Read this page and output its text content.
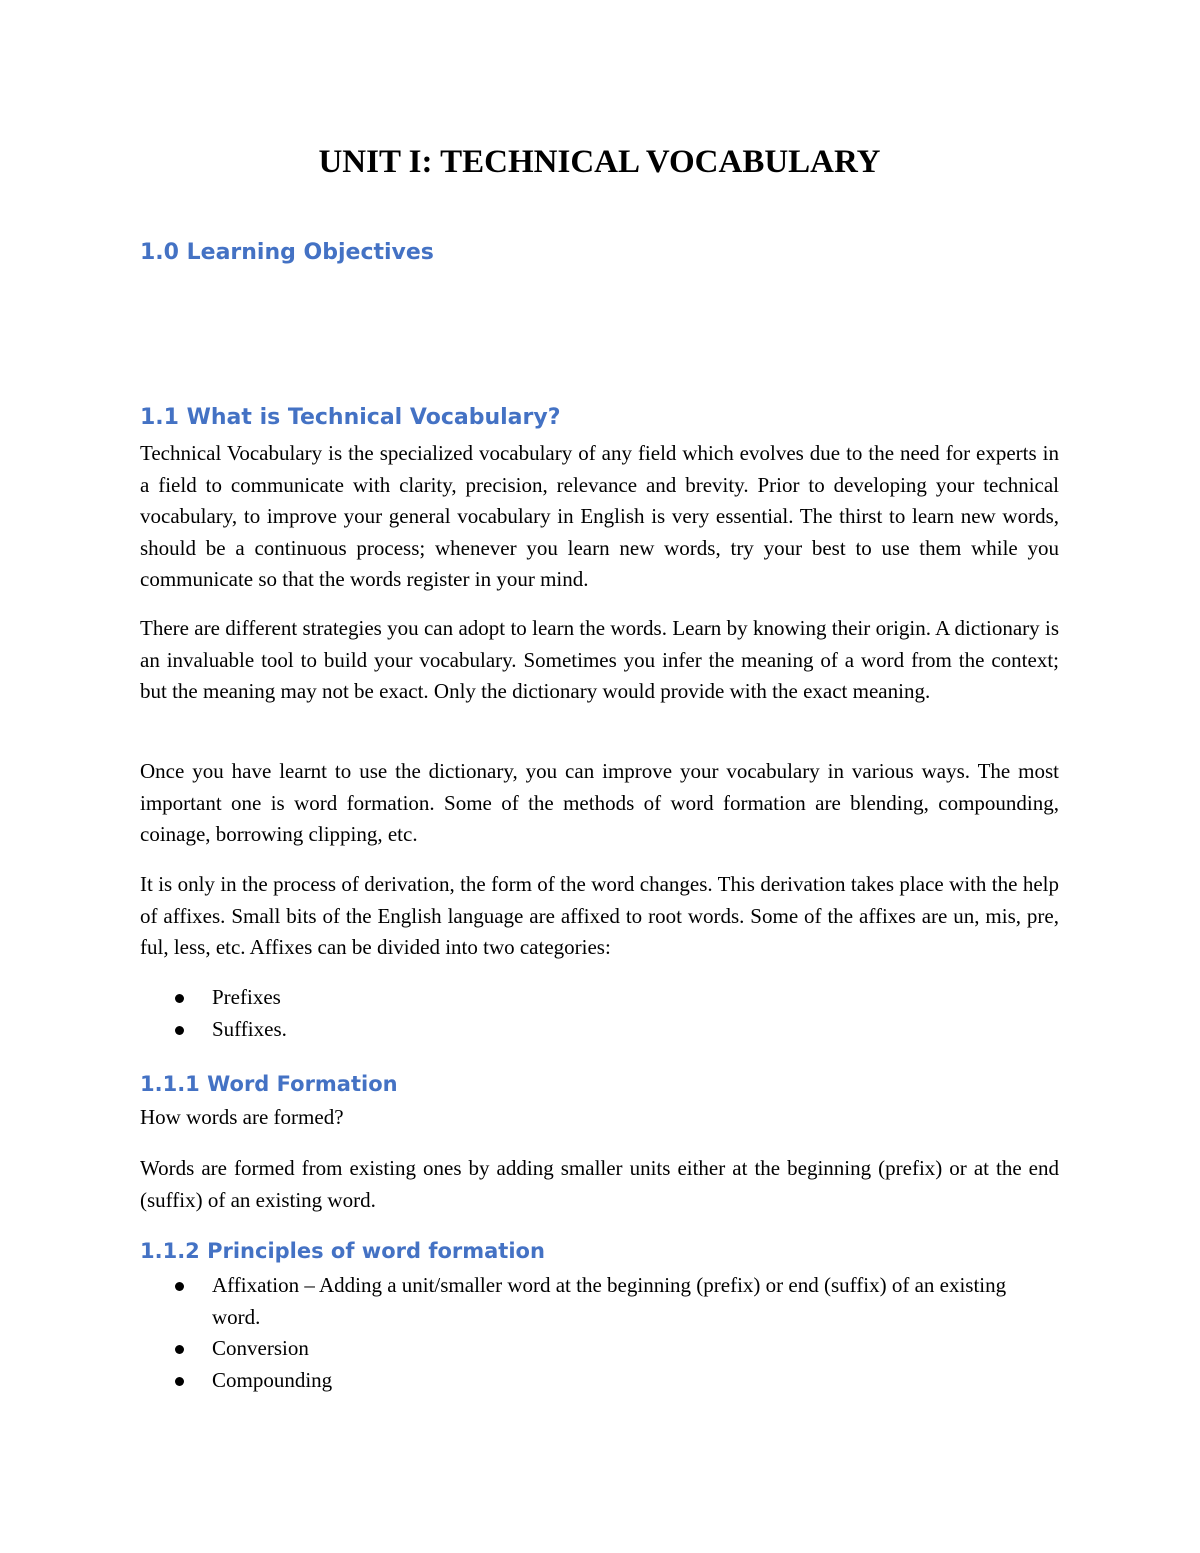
UNIT I: TECHNICAL VOCABULARY
1.0 Learning Objectives
1.1 What is Technical Vocabulary?

Technical Vocabulary is the specialized vocabulary of any field which evolves due to the need for experts in a field to communicate with clarity, precision, relevance and brevity. Prior to developing your technical vocabulary, to improve your general vocabulary in English is very essential. The thirst to learn new words, should be a continuous process; whenever you learn new words, try your best to use them while you communicate so that the words register in your mind.

There are different strategies you can adopt to learn the words. Learn by knowing their origin. A dictionary is an invaluable tool to build your vocabulary. Sometimes you infer the meaning of a word from the context; but the meaning may not be exact. Only the dictionary would provide with the exact meaning.

Once you have learnt to use the dictionary, you can improve your vocabulary in various ways. The most important one is word formation. Some of the methods of word formation are blending, compounding, coinage, borrowing clipping, etc.

It is only in the process of derivation, the form of the word changes. This derivation takes place with the help of affixes. Small bits of the English language are affixed to root words. Some of the affixes are un, mis, pre, ful, less, etc. Affixes can be divided into two categories:

Prefixes
Suffixes.
1.1.1 Word Formation

How words are formed?

Words are formed from existing ones by adding smaller units either at the beginning (prefix) or at the end (suffix) of an existing word.

1.1.2 Principles of word formation
Affixation – Adding a unit/smaller word at the beginning (prefix) or end (suffix) of an existing word.
Conversion
Compounding
